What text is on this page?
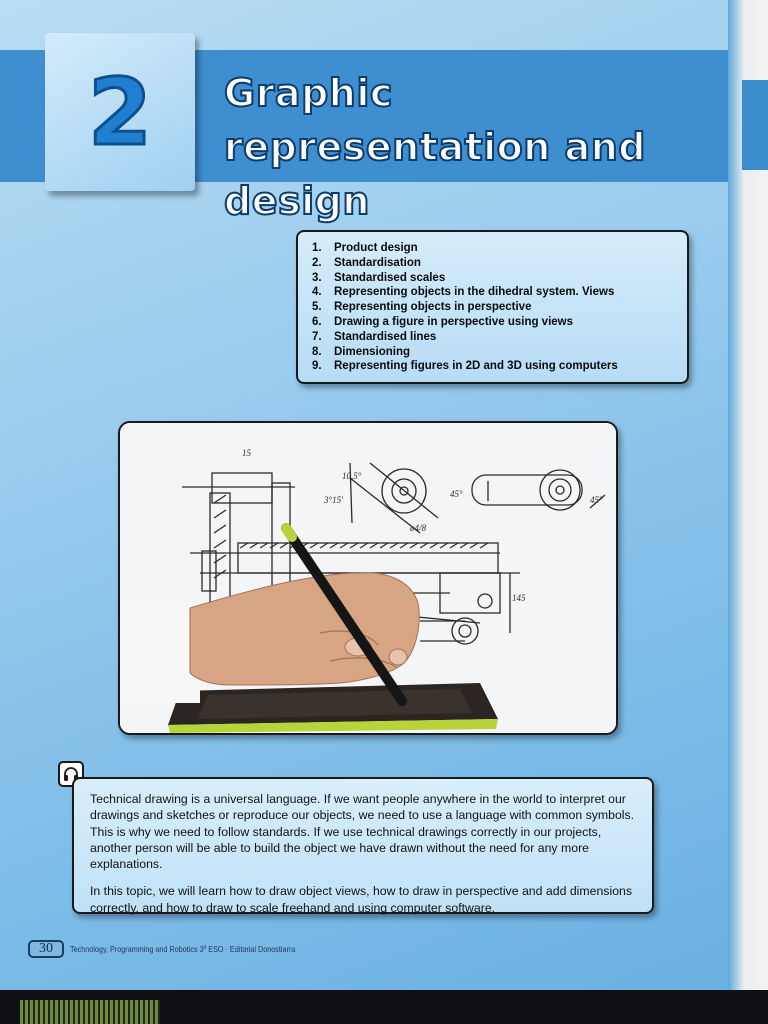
2 Graphic representation and design
1. Product design
2. Standardisation
3. Standardised scales
4. Representing objects in the dihedral system. Views
5. Representing objects in perspective
6. Drawing a figure in perspective using views
7. Standardised lines
8. Dimensioning
9. Representing figures in 2D and 3D using computers
15
10,5°
3°15'
45°
ø4/8
145
45°

Technical drawing is a universal language. If we want people anywhere in the world to interpret our drawings and sketches or reproduce our objects, we need to use a language with common symbols. This is why we need to follow standards. If we use technical drawings correctly in our projects, another person will be able to build the object we have drawn without the need for any more explanations.

In this topic, we will learn how to draw object views, how to draw in perspective and add dimensions correctly, and how to draw to scale freehand and using computer software.

30	Technology, Programming and Robotics 3º ESO · Editorial Donostiarra
